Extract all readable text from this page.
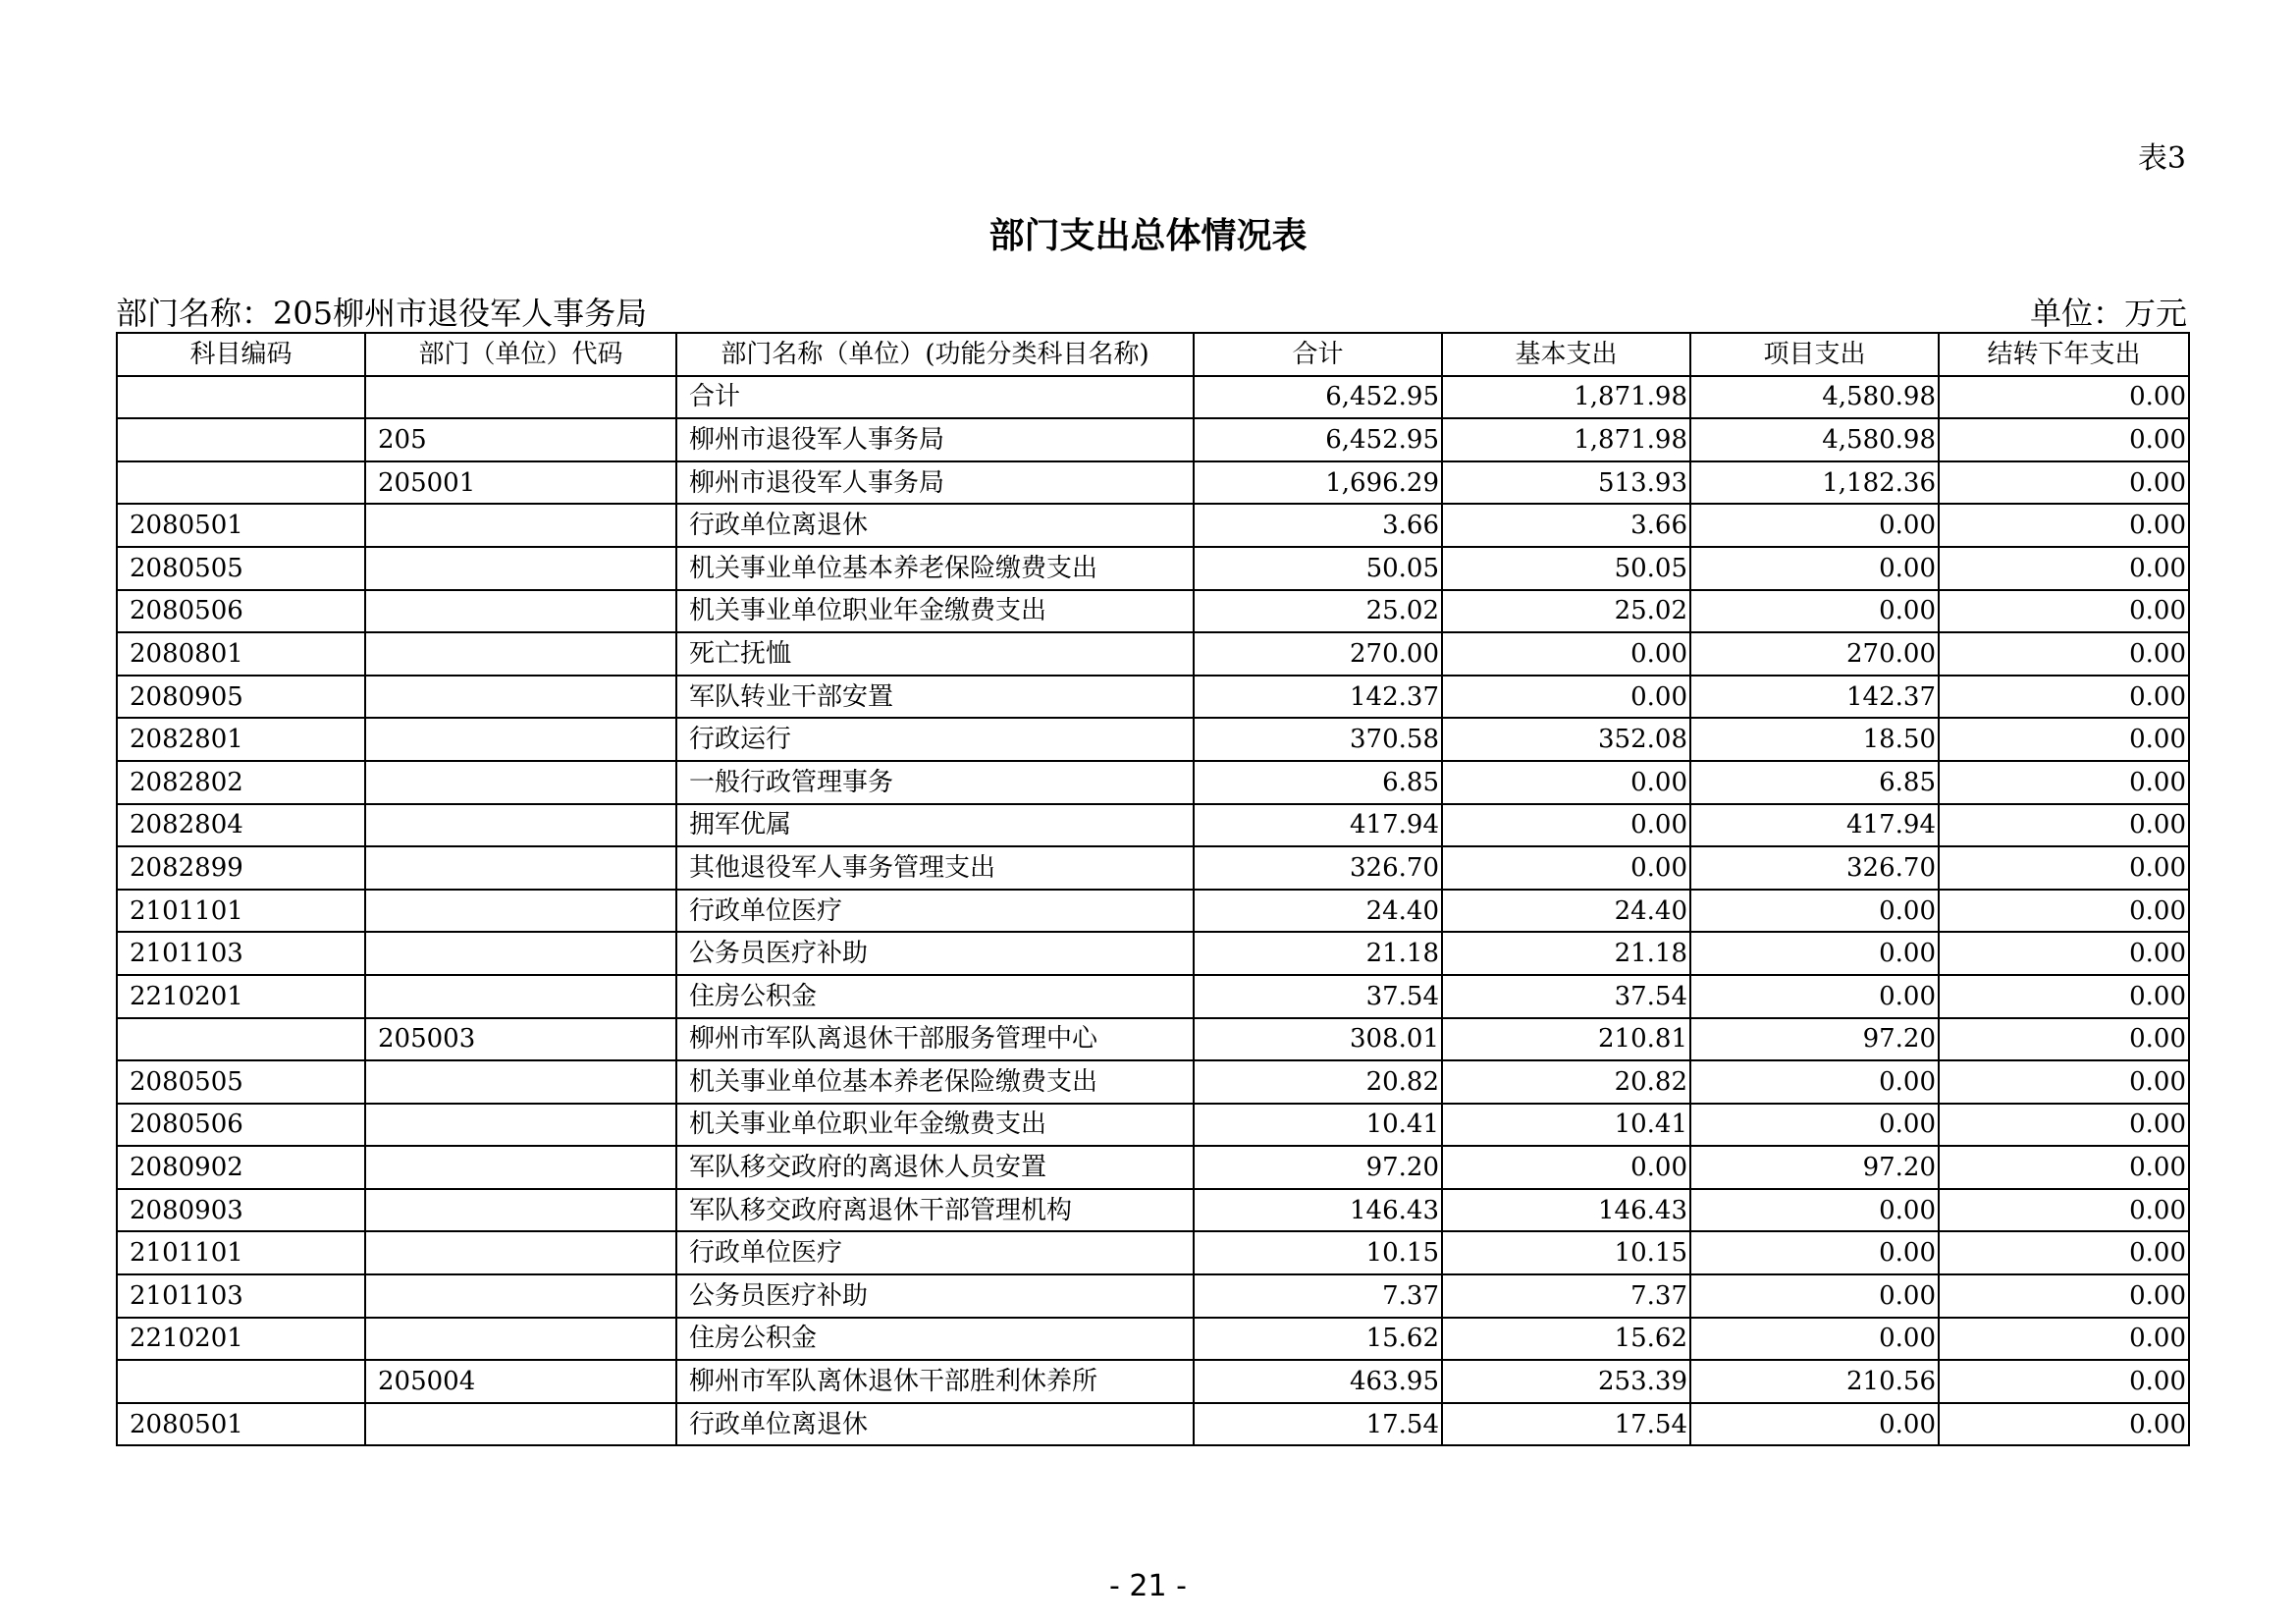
表3
部门支出总体情况表
部门名称：205柳州市退役军人事务局	单位：万元
科目编码	部门（单位）代码	部门名称（单位）(功能分类科目名称)	合计	基本支出	项目支出	结转下年支出
		合计	6,452.95	1,871.98	4,580.98	0.00
	205	柳州市退役军人事务局	6,452.95	1,871.98	4,580.98	0.00
	205001	柳州市退役军人事务局	1,696.29	513.93	1,182.36	0.00
2080501		行政单位离退休	3.66	3.66	0.00	0.00
2080505		机关事业单位基本养老保险缴费支出	50.05	50.05	0.00	0.00
2080506		机关事业单位职业年金缴费支出	25.02	25.02	0.00	0.00
2080801		死亡抚恤	270.00	0.00	270.00	0.00
2080905		军队转业干部安置	142.37	0.00	142.37	0.00
2082801		行政运行	370.58	352.08	18.50	0.00
2082802		一般行政管理事务	6.85	0.00	6.85	0.00
2082804		拥军优属	417.94	0.00	417.94	0.00
2082899		其他退役军人事务管理支出	326.70	0.00	326.70	0.00
2101101		行政单位医疗	24.40	24.40	0.00	0.00
2101103		公务员医疗补助	21.18	21.18	0.00	0.00
2210201		住房公积金	37.54	37.54	0.00	0.00
	205003	柳州市军队离退休干部服务管理中心	308.01	210.81	97.20	0.00
2080505		机关事业单位基本养老保险缴费支出	20.82	20.82	0.00	0.00
2080506		机关事业单位职业年金缴费支出	10.41	10.41	0.00	0.00
2080902		军队移交政府的离退休人员安置	97.20	0.00	97.20	0.00
2080903		军队移交政府离退休干部管理机构	146.43	146.43	0.00	0.00
2101101		行政单位医疗	10.15	10.15	0.00	0.00
2101103		公务员医疗补助	7.37	7.37	0.00	0.00
2210201		住房公积金	15.62	15.62	0.00	0.00
	205004	柳州市军队离休退休干部胜利休养所	463.95	253.39	210.56	0.00
2080501		行政单位离退休	17.54	17.54	0.00	0.00
- 21 -
